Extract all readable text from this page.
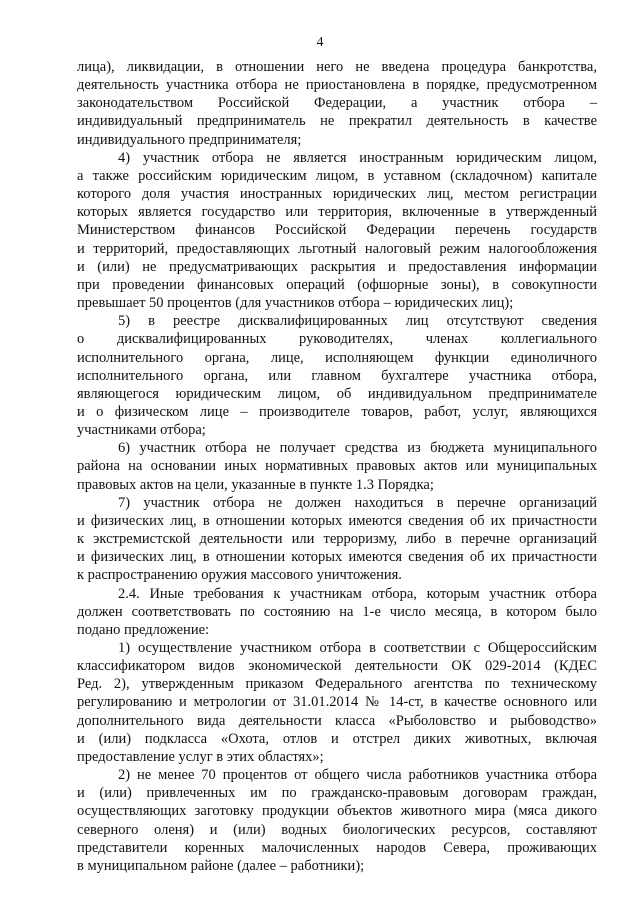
4
лица), ликвидации, в отношении него не введена процедура банкротства,
деятельность участника отбора не приостановлена в порядке, предусмотренном
законодательством Российской Федерации, а участник отбора –
индивидуальный предприниматель не прекратил деятельность в качестве
индивидуального предпринимателя;
4) участник отбора не является иностранным юридическим лицом,
а также российским юридическим лицом, в уставном (складочном) капитале
которого доля участия иностранных юридических лиц, местом регистрации
которых является государство или территория, включенные в утвержденный
Министерством финансов Российской Федерации перечень государств
и территорий, предоставляющих льготный налоговый режим налогообложения
и (или) не предусматривающих раскрытия и предоставления информации
при проведении финансовых операций (офшорные зоны), в совокупности
превышает 50 процентов (для участников отбора – юридических лиц);
5) в реестре дисквалифицированных лиц отсутствуют сведения
о дисквалифицированных руководителях, членах коллегиального
исполнительного органа, лице, исполняющем функции единоличного
исполнительного органа, или главном бухгалтере участника отбора,
являющегося юридическим лицом, об индивидуальном предпринимателе
и о физическом лице – производителе товаров, работ, услуг, являющихся
участниками отбора;
6) участник отбора не получает средства из бюджета муниципального
района на основании иных нормативных правовых актов или муниципальных
правовых актов на цели, указанные в пункте 1.3 Порядка;
7) участник отбора не должен находиться в перечне организаций
и физических лиц, в отношении которых имеются сведения об их причастности
к экстремистской деятельности или терроризму, либо в перечне организаций
и физических лиц, в отношении которых имеются сведения об их причастности
к распространению оружия массового уничтожения.
2.4. Иные требования к участникам отбора, которым участник отбора
должен соответствовать по состоянию на 1-е число месяца, в котором было
подано предложение:
1) осуществление участником отбора в соответствии с Общероссийским
классификатором видов экономической деятельности ОК 029-2014 (КДЕС
Ред. 2), утвержденным приказом Федерального агентства по техническому
регулированию и метрологии от 31.01.2014 № 14-ст, в качестве основного или
дополнительного вида деятельности класса «Рыболовство и рыбоводство»
и (или) подкласса «Охота, отлов и отстрел диких животных, включая
предоставление услуг в этих областях»;
2) не менее 70 процентов от общего числа работников участника отбора
и (или) привлеченных им по гражданско-правовым договорам граждан,
осуществляющих заготовку продукции объектов животного мира (мяса дикого
северного оленя) и (или) водных биологических ресурсов, составляют
представители коренных малочисленных народов Севера, проживающих
в муниципальном районе (далее – работники);
